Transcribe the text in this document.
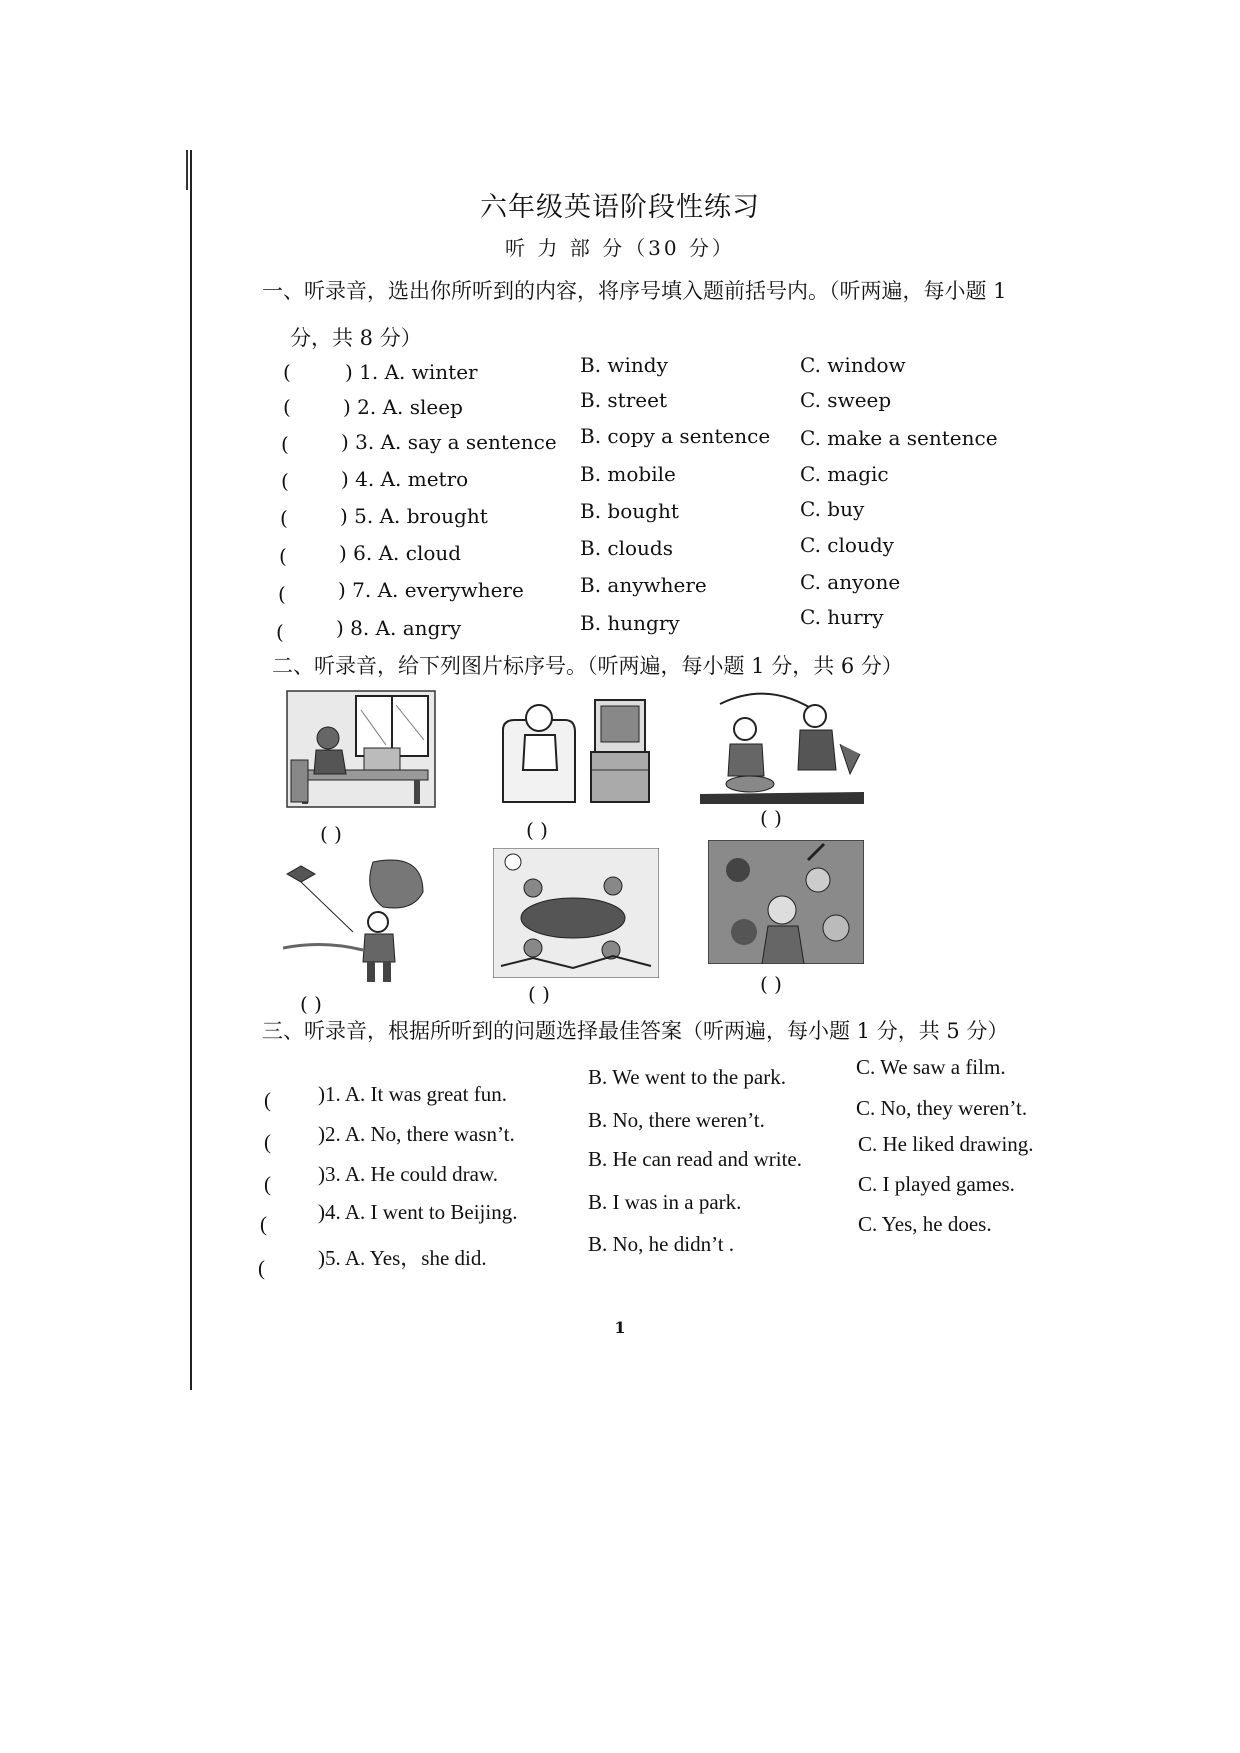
六年级英语阶段性练习
听 力 部 分（30 分）
一、听录音，选出你所听到的内容，将序号填入题前括号内。（听两遍，每小题 1
分，共 8 分）
(	) 1. A. winter	B. windy	C. window
(	) 2. A. sleep	B. street	C. sweep
(	) 3. A. say a sentence B. copy a sentence C. make a sentence
(	) 4. A. metro	B. mobile	C. magic
(	) 5. A. brought	B. bought	C. buy
(	) 6. A. cloud	B. clouds	C. cloudy
(	) 7. A. everywhere	B. anywhere	C. anyone
(	) 8. A. angry	B. hungry	C. hurry
二、听录音，给下列图片标序号。（听两遍，每小题 1 分，共 6 分）
( )	( )	( )
( )	( )	( )
三、听录音，根据所听到的问题选择最佳答案（听两遍，每小题 1 分，共 5 分）
( )1. A. It was great fun.
B. We went to the park.	C. We saw a film.
( )2. A. No, there wasn’t.
B. No, there weren’t.	C. No, they weren’t.
( )3. A. He could draw.
B. He can read and write.
C. He liked drawing.
( )4. A. I went to Beijing.	B. I was in a park.
C. I played games.
(	)5. A. Yes，she did.
B. No, he didn’t .
C. Yes, he does.
1
